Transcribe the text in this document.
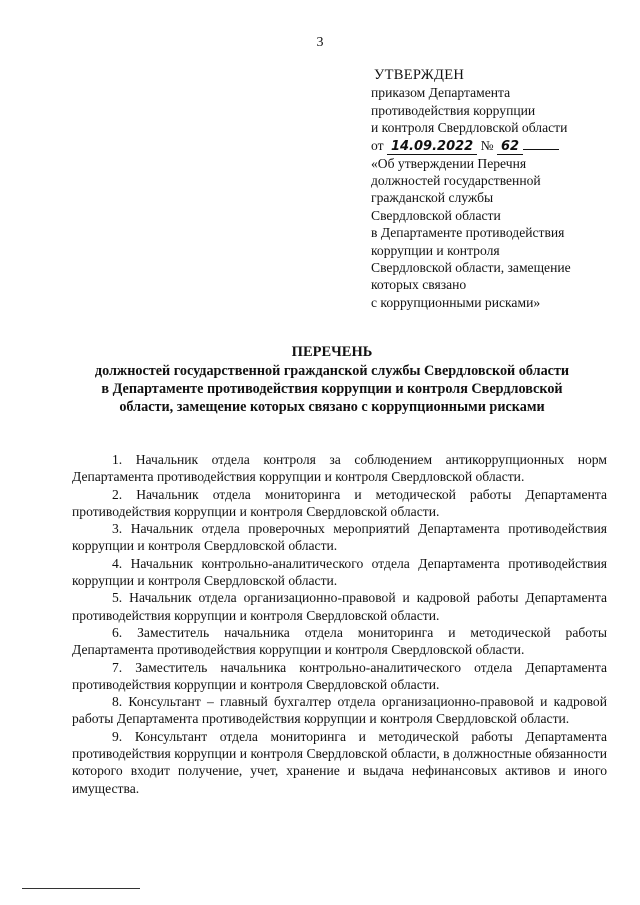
3
УТВЕРЖДЕН
приказом Департамента
противодействия коррупции
и контроля Свердловской области
от 14.09.2022 № 62
«Об утверждении Перечня
должностей государственной
гражданской службы
Свердловской области
в Департаменте противодействия
коррупции и контроля
Свердловской области, замещение
которых связано
с коррупционными рисками»
ПЕРЕЧЕНЬ
должностей государственной гражданской службы Свердловской области
в Департаменте противодействия коррупции и контроля Свердловской
области, замещение которых связано с коррупционными рисками

1. Начальник отдела контроля за соблюдением антикоррупционных норм Департамента противодействия коррупции и контроля Свердловской области.

2. Начальник отдела мониторинга и методической работы Департамента противодействия коррупции и контроля Свердловской области.

3. Начальник отдела проверочных мероприятий Департамента противодействия коррупции и контроля Свердловской области.

4. Начальник контрольно-аналитического отдела Департамента противодействия коррупции и контроля Свердловской области.

5. Начальник отдела организационно-правовой и кадровой работы Департамента противодействия коррупции и контроля Свердловской области.

6. Заместитель начальника отдела мониторинга и методической работы Департамента противодействия коррупции и контроля Свердловской области.

7. Заместитель начальника контрольно-аналитического отдела Департамента противодействия коррупции и контроля Свердловской области.

8. Консультант – главный бухгалтер отдела организационно-правовой и кадровой работы Департамента противодействия коррупции и контроля Свердловской области.

9. Консультант отдела мониторинга и методической работы Департамента противодействия коррупции и контроля Свердловской области, в должностные обязанности которого входит получение, учет, хранение и выдача нефинансовых активов и иного имущества.
